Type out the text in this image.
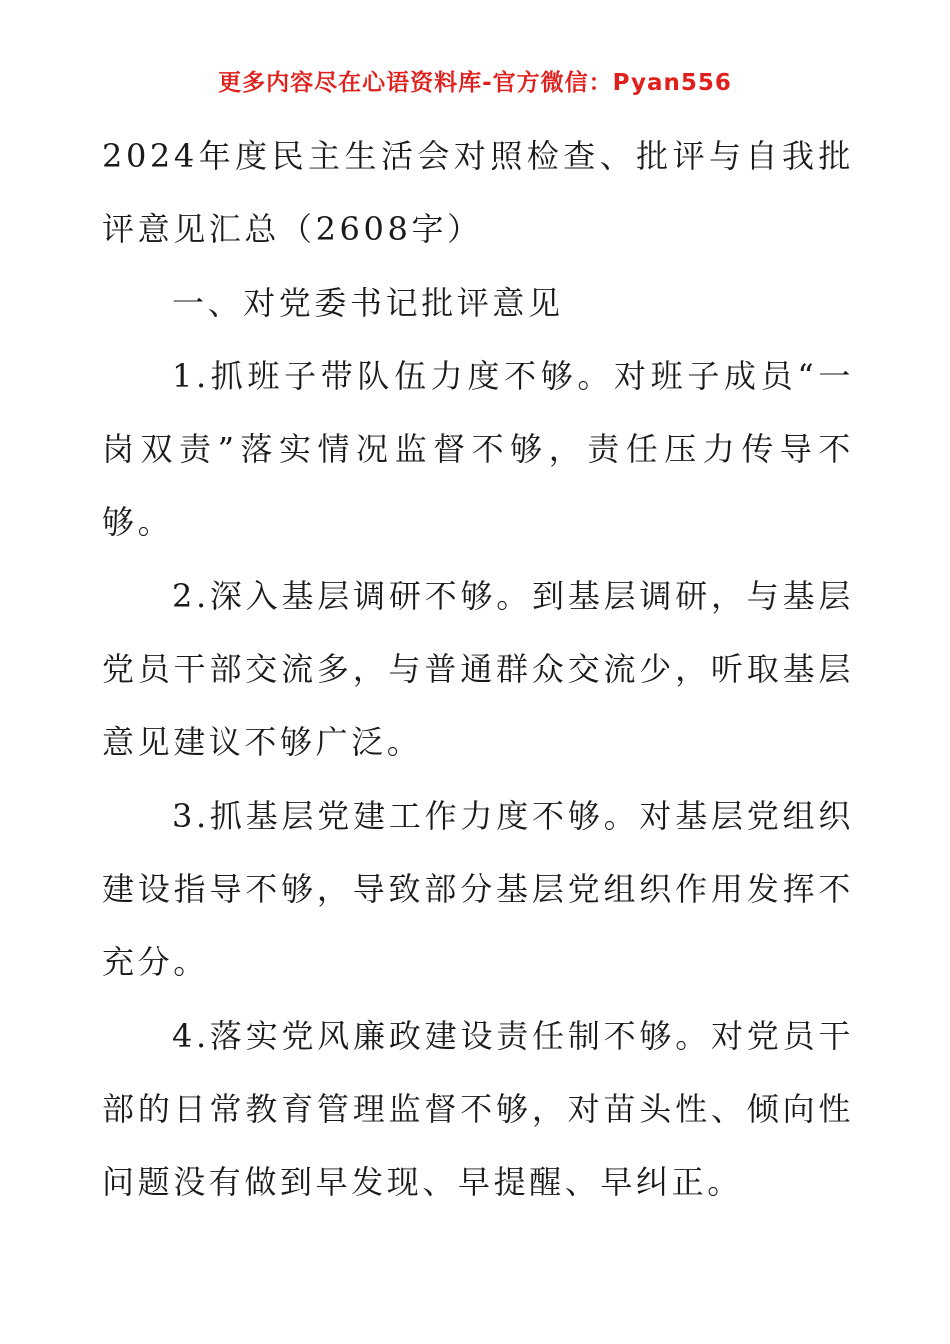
更多内容尽在心语资料库-官方微信：Pyan556

2024年度民主生活会对照检查、批评与自我批评意见汇总（2608字）

一、对党委书记批评意见

1.抓班子带队伍力度不够。对班子成员“一岗双责”落实情况监督不够，责任压力传导不够。

2.深入基层调研不够。到基层调研，与基层党员干部交流多，与普通群众交流少，听取基层意见建议不够广泛。

3.抓基层党建工作力度不够。对基层党组织建设指导不够，导致部分基层党组织作用发挥不充分。

4.落实党风廉政建设责任制不够。对党员干部的日常教育管理监督不够，对苗头性、倾向性问题没有做到早发现、早提醒、早纠正。
